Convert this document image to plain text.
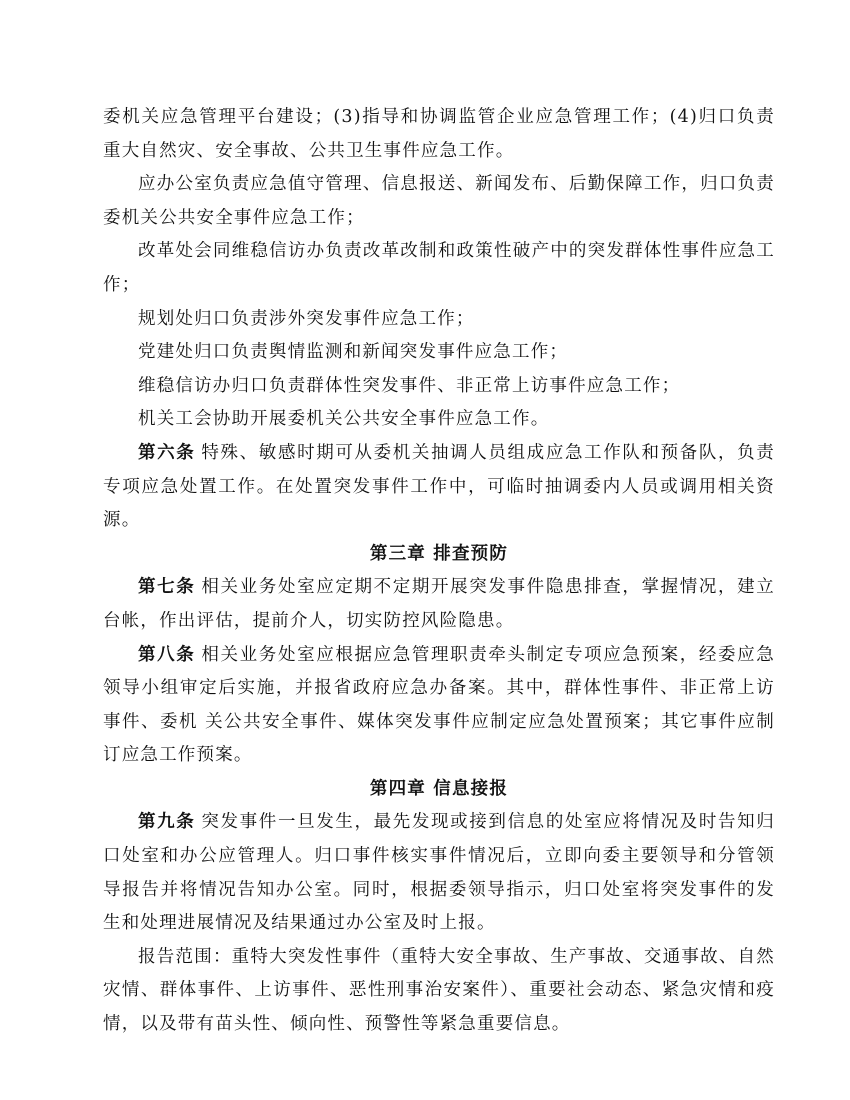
委机关应急管理平台建设；(3)指导和协调监管企业应急管理工作；(4)归口负责重大自然灾、安全事故、公共卫生事件应急工作。

应办公室负责应急值守管理、信息报送、新闻发布、后勤保障工作，归口负责委机关公共安全事件应急工作；

改革处会同维稳信访办负责改革改制和政策性破产中的突发群体性事件应急工作；

规划处归口负责涉外突发事件应急工作；

党建处归口负责舆情监测和新闻突发事件应急工作；

维稳信访办归口负责群体性突发事件、非正常上访事件应急工作；

机关工会协助开展委机关公共安全事件应急工作。

第六条 特殊、敏感时期可从委机关抽调人员组成应急工作队和预备队，负责专项应急处置工作。在处置突发事件工作中，可临时抽调委内人员或调用相关资源。

第三章 排查预防

第七条 相关业务处室应定期不定期开展突发事件隐患排查，掌握情况，建立台帐，作出评估，提前介人，切实防控风险隐患。

第八条 相关业务处室应根据应急管理职责牵头制定专项应急预案，经委应急领导小组审定后实施，并报省政府应急办备案。其中，群体性事件、非正常上访事件、委机 关公共安全事件、媒体突发事件应制定应急处置预案；其它事件应制订应急工作预案。

第四章 信息接报

第九条 突发事件一旦发生，最先发现或接到信息的处室应将情况及时告知归口处室和办公应管理人。归口事件核实事件情况后，立即向委主要领导和分管领导报告并将情况告知办公室。同时，根据委领导指示，归口处室将突发事件的发生和处理进展情况及结果通过办公室及时上报。

报告范围：重特大突发性事件（重特大安全事故、生产事故、交通事故、自然灾情、群体事件、上访事件、恶性刑事治安案件）、重要社会动态、紧急灾情和疫情，以及带有苗头性、倾向性、预警性等紧急重要信息。
